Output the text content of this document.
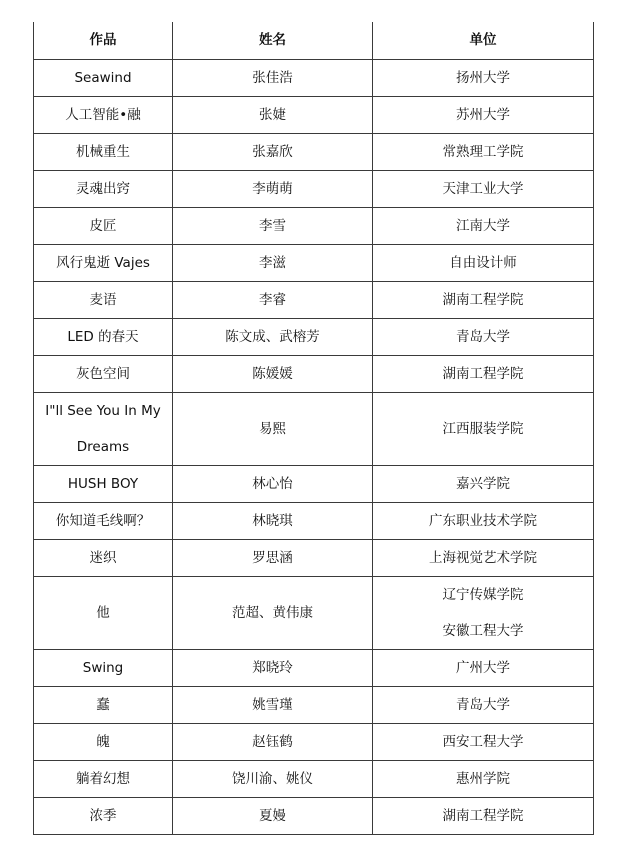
作品	姓名	单位

Seawind	张佳浩	扬州大学

人工智能•融	张婕	苏州大学

机械重生	张嘉欣	常熟理工学院

灵魂出窍	李萌萌	天津工业大学

皮匠	李雪	江南大学

风行鬼逝 Vajes	李滋	自由设计师

麦语	李睿	湖南工程学院

LED 的春天	陈文成、武榕芳	青岛大学

灰色空间	陈媛媛	湖南工程学院

I"ll See You In My
Dreams	易熙	江西服装学院

HUSH BOY	林心怡	嘉兴学院

你知道毛线啊？	林晓琪	广东职业技术学院

迷织	罗思涵	上海视觉艺术学院

他	范超、黄伟康	辽宁传媒学院
安徽工程大学

Swing	郑晓玲	广州大学

蠢	姚雪瑾	青岛大学

魄	赵钰鹤	西安工程大学

躺着幻想	饶川渝、姚仪	惠州学院

浓季	夏嫚	湖南工程学院
